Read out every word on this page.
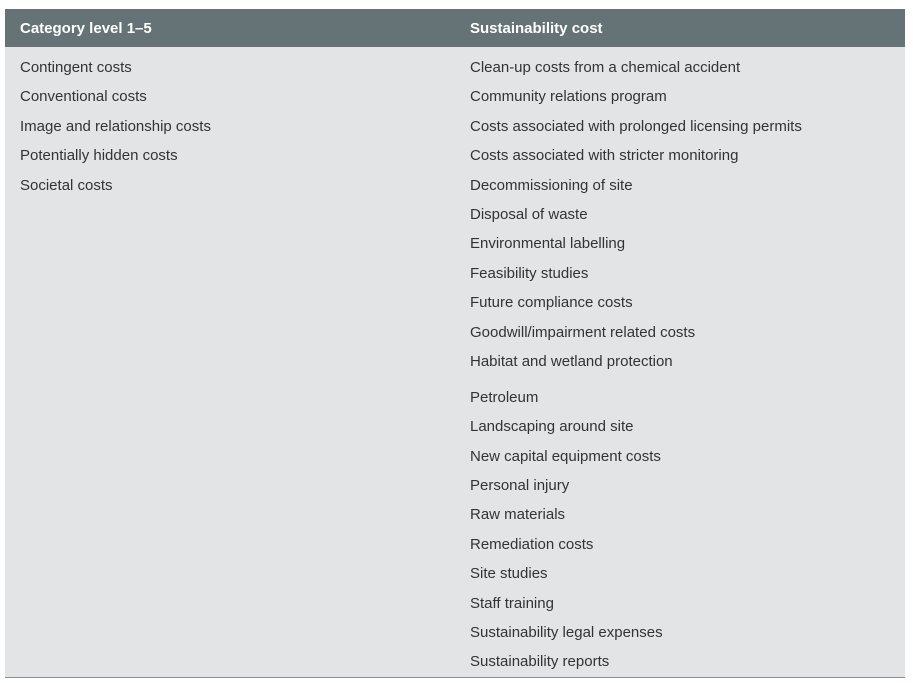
Category level 1–5	Sustainability cost
Contingent costs
Conventional costs
Image and relationship costs
Potentially hidden costs
Societal costs
Clean-up costs from a chemical accident
Community relations program
Costs associated with prolonged licensing permits
Costs associated with stricter monitoring
Decommissioning of site
Disposal of waste
Environmental labelling
Feasibility studies
Future compliance costs
Goodwill/impairment related costs
Habitat and wetland protection
Petroleum
Landscaping around site
New capital equipment costs
Personal injury
Raw materials
Remediation costs
Site studies
Staff training
Sustainability legal expenses
Sustainability reports
